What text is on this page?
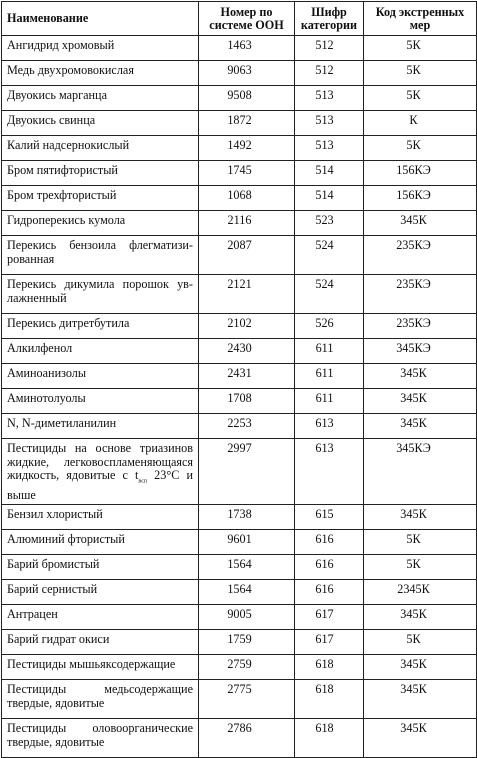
Наименование	Номер по системе ООН	Шифр категории	Код экстренных мер
Ангидрид хромовый	1463	512	5К
Медь двухромовокислая	9063	512	5К
Двуокись марганца	9508	513	5К
Двуокись свинца	1872	513	К
Калий надсернокислый	1492	513	5К
Бром пятифтористый	1745	514	156КЭ
Бром трехфтористый	1068	514	156КЭ
Гидроперекись кумола	2116	523	345К
Перекись бензоила флегматизи-рованная	2087	524	235КЭ
Перекись дикумила порошок ув-лажненный	2121	524	235КЭ
Перекись дитретбутила	2102	526	235КЭ
Алкилфенол	2430	611	345КЭ
Аминоанизолы	2431	611	345К
Аминотолуолы	1708	611	345К
N, N-диметиланилин	2253	613	345К
Пестициды на основе триазинов жидкие, легковоспламеняющаяся жидкость, ядовитые с $t_{всп}$ 23°С и выше	2997	613	345КЭ
Бензил хлористый	1738	615	345К
Алюминий фтористый	9601	616	5К
Барий бромистый	1564	616	5К
Барий сернистый	1564	616	2345К
Антрацен	9005	617	345К
Барий гидрат окиси	1759	617	5К
Пестициды мышьяксодержащие	2759	618	345К
Пестициды медьсодержащие твердые, ядовитые	2775	618	345К
Пестициды оловоорганические твердые, ядовитые	2786	618	345К
